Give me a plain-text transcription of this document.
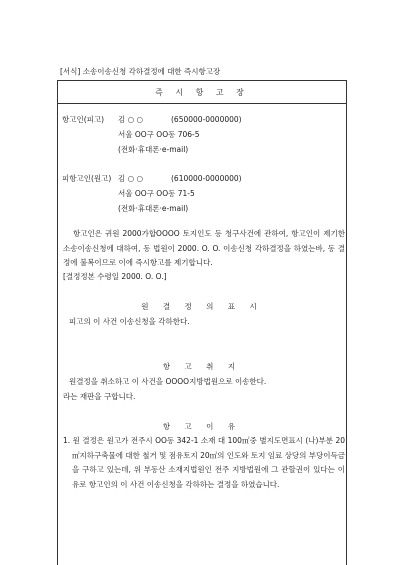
[서식] 소송이송신청 각하결정에 대한 즉시항고장
즉 시 항 고 장
항고인(피고) 김 ○ ○	(650000-0000000)
서울 OO구 OO동 706-5
(전화·휴대폰·e-mail)
피항고인(원고) 김 ○ ○	(610000-0000000)
서울 OO구 OO동 71-5
(전화·휴대폰·e-mail)
항고인은 귀원 2000가합OOOO 토지인도 등 청구사건에 관하여, 항고인이 제기한 소송이송신청에 대하여, 동 법원이 2000. O. O. 이송신청 각하결정을 하였는바, 동 결정에 불복이므로 이에 즉시항고를 제기합니다.
[결정정본 수령일 2000. O. O.]
원 결 정 의 표 시
피고의 이 사건 이송신청을 각하한다.
항 고 취 지
원결정을 취소하고 이 사건을 OOOO지방법원으로 이송한다.
라는 재판을 구합니다.
항 고 이 유
1. 원 결정은 원고가 전주시 OO동 342-1 소재 대 100㎡중 별지도면표시 (나)부분 20㎡지하구축물에 대한 철거 및 점유토지 20㎡의 인도와 토지 임료 상당의 부당이득금을 구하고 있는데, 위 부동산 소재지법원인 전주 지방법원에 그 관할권이 있다는 이유로 항고인의 이 사건 이송신청을 각하하는 결정을 하였습니다.
